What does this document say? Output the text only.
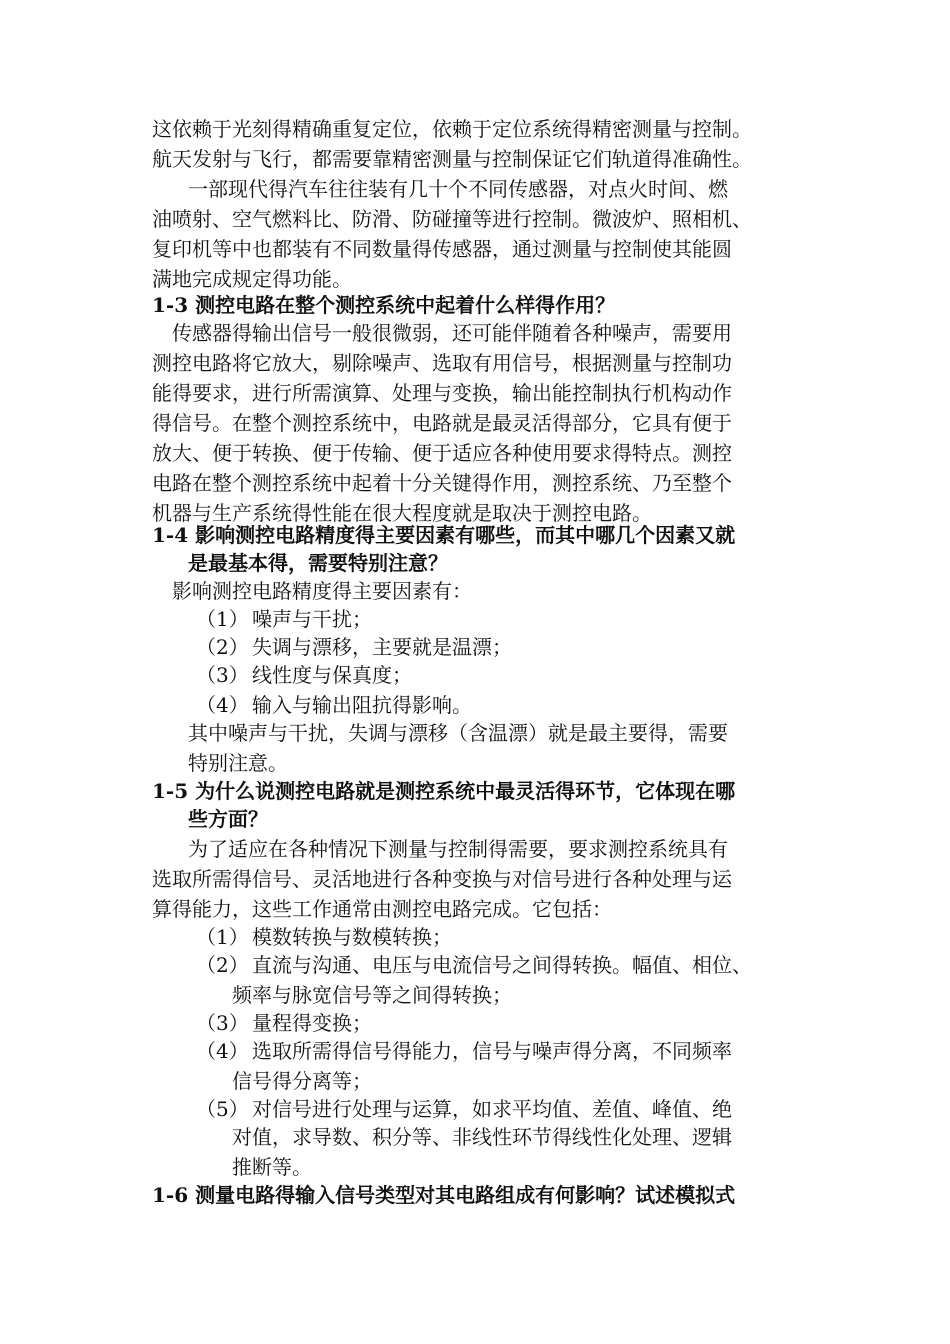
这依赖于光刻得精确重复定位，依赖于定位系统得精密测量与控制。
航天发射与飞行，都需要靠精密测量与控制保证它们轨道得准确性。
一部现代得汽车往往装有几十个不同传感器，对点火时间、燃
油喷射、空气燃料比、防滑、防碰撞等进行控制。微波炉、照相机、
复印机等中也都装有不同数量得传感器，通过测量与控制使其能圆
满地完成规定得功能。
1-3 测控电路在整个测控系统中起着什么样得作用？
传感器得输出信号一般很微弱，还可能伴随着各种噪声，需要用
测控电路将它放大，剔除噪声、选取有用信号，根据测量与控制功
能得要求，进行所需演算、处理与变换，输出能控制执行机构动作
得信号。在整个测控系统中，电路就是最灵活得部分，它具有便于
放大、便于转换、便于传输、便于适应各种使用要求得特点。测控
电路在整个测控系统中起着十分关键得作用，测控系统、乃至整个
机器与生产系统得性能在很大程度就是取决于测控电路。
1-4 影响测控电路精度得主要因素有哪些，而其中哪几个因素又就
是最基本得，需要特别注意？
影响测控电路精度得主要因素有：
（1） 噪声与干扰；
（2） 失调与漂移，主要就是温漂；
（3） 线性度与保真度；
（4） 输入与输出阻抗得影响。
其中噪声与干扰，失调与漂移（含温漂）就是最主要得，需要
特别注意。
1-5 为什么说测控电路就是测控系统中最灵活得环节，它体现在哪
些方面？
为了适应在各种情况下测量与控制得需要，要求测控系统具有
选取所需得信号、灵活地进行各种变换与对信号进行各种处理与运
算得能力，这些工作通常由测控电路完成。它包括：
（1） 模数转换与数模转换；
（2） 直流与沟通、电压与电流信号之间得转换。幅值、相位、
频率与脉宽信号等之间得转换；
（3） 量程得变换；
（4） 选取所需得信号得能力，信号与噪声得分离，不同频率
信号得分离等；
（5） 对信号进行处理与运算，如求平均值、差值、峰值、绝
对值，求导数、积分等、非线性环节得线性化处理、逻辑
推断等。
1-6 测量电路得输入信号类型对其电路组成有何影响？试述模拟式
